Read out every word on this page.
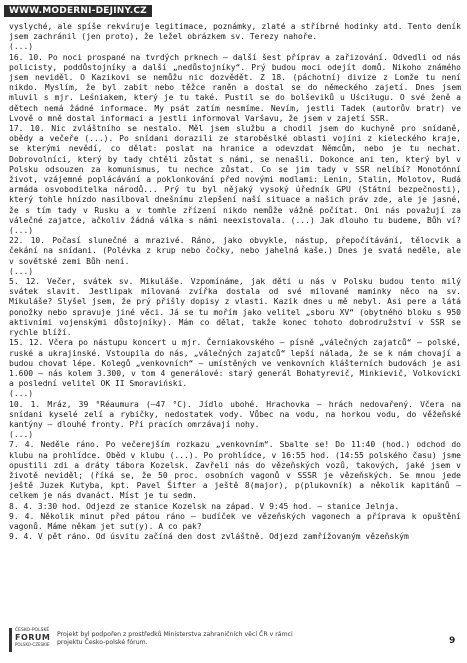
WWW.MODERNI-DEJINY.CZ

vyslyché, ale spíše rekvíruje legitimace, poznámky, zlaté a stříbrné hodinky atd. Tento deník jsem zachránil (jen proto), že ležel obrázkem sv. Terezy nahoře.

(...)

16. 10. Po noci prospané na tvrdých prknech – další šest příprav a zařizování. Odvedli od nás policisty, poddůstojníky a další „nedůstojníky“. Prý budou moci odejít domů. Nikoho známého jsem neviděl. O Kazikovi se nemůžu nic dozvědět. Z 18. (páchotní) divize z Lomže tu není nikdo. Myslím, že byl zabit nebo těžce raněn a dostal se do německého zajetí. Dnes jsem mluvil s mjr. Leśniakem, který je tu také. Pustil se do bolševiků u Uściługu. O své ženě a dětech nemá žádné informace. My psát zatím nesmíme. Nevím, jestli Tadek (autorův bratr) ve Lvově o mně dostal informaci a jestli informoval Varšavu, že jsem v zajetí SSR.

17. 10. Nic zvláštního se nestalo. Měl jsem službu a chodil jsem do kuchyně pro snídaně, obědy a večeře (...). Po snídani dorazili ze staroběslké oblasti vojíni z kieleckého kraje, se kterými nevědí, co dělat: poslat na hranice a odevzdat Němcům, nebo je tu nechat. Dobrovolníci, který by tady chtěli zůstat s námi, se nenašli. Dokonce ani ten, který byl v Polsku odsouzen za komunismus, tu nechce zůstat. Co se jim tady v SSR nelíbí? Monotónní život, vzájemné poplácávání a poklonkování před novými modlami: Lenin, Stalin, Molotov, Rudá armáda osvoboditelka národů... Prý tu byl nějaký vysoký úředník GPU (Státní bezpečnosti), který tohle hnízdo nasilboval dnešnímu zlepšení naší situace a našich práv zde, ale je jasné, že s tím tady v Rusku a v tomhle zřízení nikdo nemůže vážně počítat. Oni nás považují za válečné zajatce, ačkoliv žádná válka s námi neexistovala. (...) Jak dlouho tu budeme, Bůh ví? (...)

22. 10. Počasí slunečné a mrazivé. Ráno, jako obvykle, nástup, přepočítávání, tělocvik a čekání na snídani. (Polévka z krup nebo čočky, nebo jahelná kaše.) Dnes je svatá neděle, ale v sovětské zemi Bůh není.

(...)

5. 12. Večer, svátek sv. Mikuláše. Vzpomínáme, jak děti u nás v Polsku budou tento milý svátek slavit. Jestlipak milovaná zvířka dostala od své milované maminky něco na sv. Mikuláše? Slyšel jsem, že prý přišly dopisy z vlasti. Kazik dnes u mě nebyl. Asi pere a látá ponožky nebo spravuje jiné věci. Já se tu mořím jako velitel „sboru XV“ (obytného bloku s 950 aktivními vojenskými důstojníky). Mám co dělat, takže konec tohoto dobrodružství v SSR se rychle blíží.

15. 12. Včera po nástupu koncert u mjr. Černiakovského – písně „válečných zajatců“ – polské, ruské a ukrajinské. Vstoupila do nás, „válečných zajatců“ lepší nálada, že se k nám chovají a budou chovat lépe. Kolegů „venkovních“ – umístěných ve venkovních klášterních budovách je asi 1.600 – nás kolem 3.300, v tom 4 generálové: starý generál Bohatyrevič, Minkievič, Volkovicki a poslední velitel OK II Smoraviński.

(...)

10. 1. Mráz, 39 °Réaumura (–47 °C). Jídlo ubohé. Hrachovka – hrách nedovařený. Včera na snídani kyselé zelí a rybičky, nedostatek vody. Vůbec na vodu, na horkou vodu, do věžeňské kantýny – dlouhé fronty. Při pracích omrzávají nohy.

(...)

7. 4. Neděle ráno. Po večerejším rozkazu „venkovním“. Sbalte se! Do 11:40 (hod.) odchod do klubu na prohlídce. Oběd v klubu (...). Po prohlídce, v 16:55 hod. (14:55 polského času) jsme opustili zdi a dráty tábora Kozelsk. Zavřeli nás do vězeňských vozů, takových, jaké jsem v životě neviděl; (říká se, že 50 proc. osobních vagonů v SSSR je vězeňských. Se mnou jede ještě Juzek Kutyba, kpt. Pavel Šifter a ještě 8(major), p(plukovník) a několik kapitánů – celkem je nás dvanáct. Míst je tu sedm.

8. 4. 3:30 hod. Odjezd ze stanice Kozelsk na západ. V 9:45 hod. – stanice Jelnja.

9. 4. Několik minut před pátou ráno – budíček ve vězeňských vagonech a příprava k opuštění vagonů. Máme někam jet sut(y). A co pak?

9. 4. V pět ráno. Od úsvitu začíná den dost zvláštně. Odjezd zamřížovaným vězeňským

ČESKO-POLSKÉ
FORUM
POLSKO-CZESKIE
Projekt byl podpořen z prostředků Ministerstva zahraničních věcí ČR v rámci projektu Česko-polské fórum.	9
